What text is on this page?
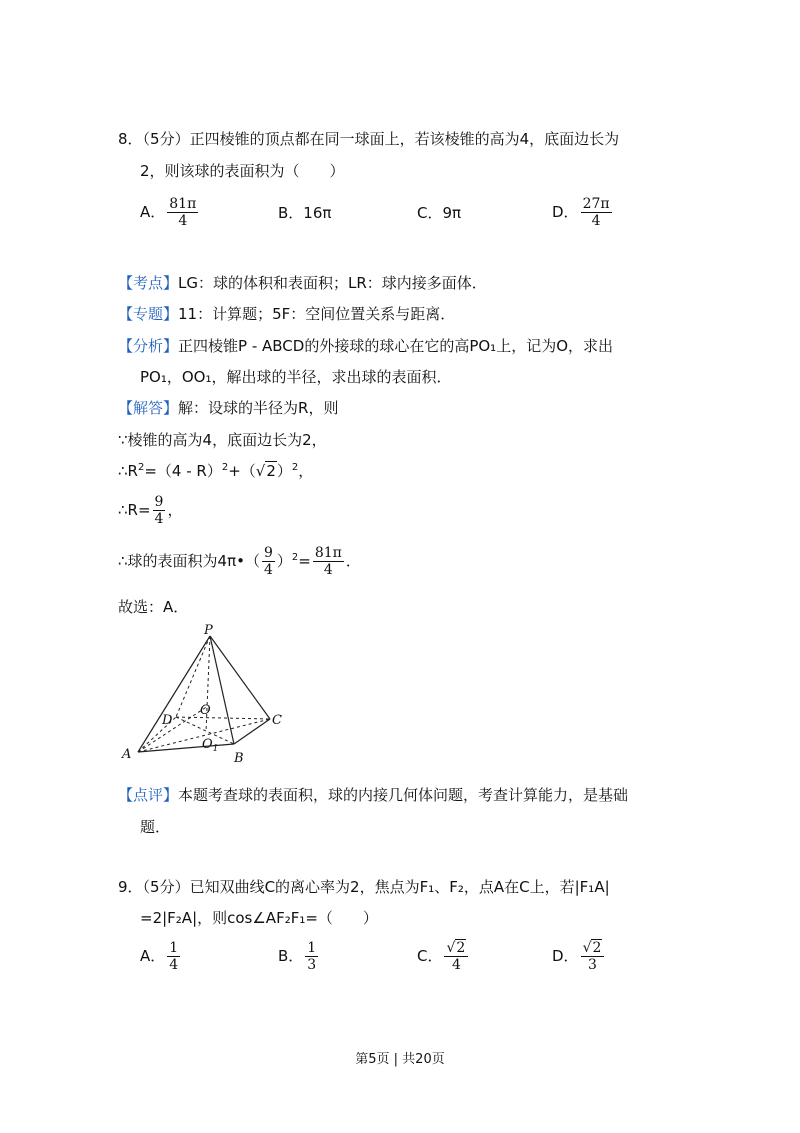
8．（5分）正四棱锥的顶点都在同一球面上，若该棱锥的高为4，底面边长为
2，则该球的表面积为（　　）
A． $\frac{81\pi}{4}$	B．16π	C．9π	D． $\frac{27\pi}{4}$
【考点】LG：球的体积和表面积；LR：球内接多面体．
【专题】11：计算题；5F：空间位置关系与距离．
【分析】正四棱锥P - ABCD的外接球的球心在它的高PO₁上，记为O，求出
PO₁，OO₁，解出球的半径，求出球的表面积．
【解答】解：设球的半径为R，则
∵棱锥的高为4，底面边长为2，
$\therefore R^2=(4 - R)^2+(√2)^2$，
∴R= $\frac{9}{4}$ ，
∴球的表面积为4π•（ $\frac{9}{4} )^2= \frac{81\pi}{4}$ ．
故选：A．
P
A	B
C
D
O
$O_1$
【点评】本题考查球的表面积，球的内接几何体问题，考查计算能力，是基础
题．
9．（5分）已知双曲线C的离心率为2，焦点为F₁、F₂，点A在C上，若|F₁A|
=2|F₂A|，则cos∠AF₂F₁=（　　）
A． $\frac{1}{4}$	B． $\frac{1}{3}$	C． $\frac{√2}{4}$	D． $\frac{√2}{3}$
第5页 | 共20页
